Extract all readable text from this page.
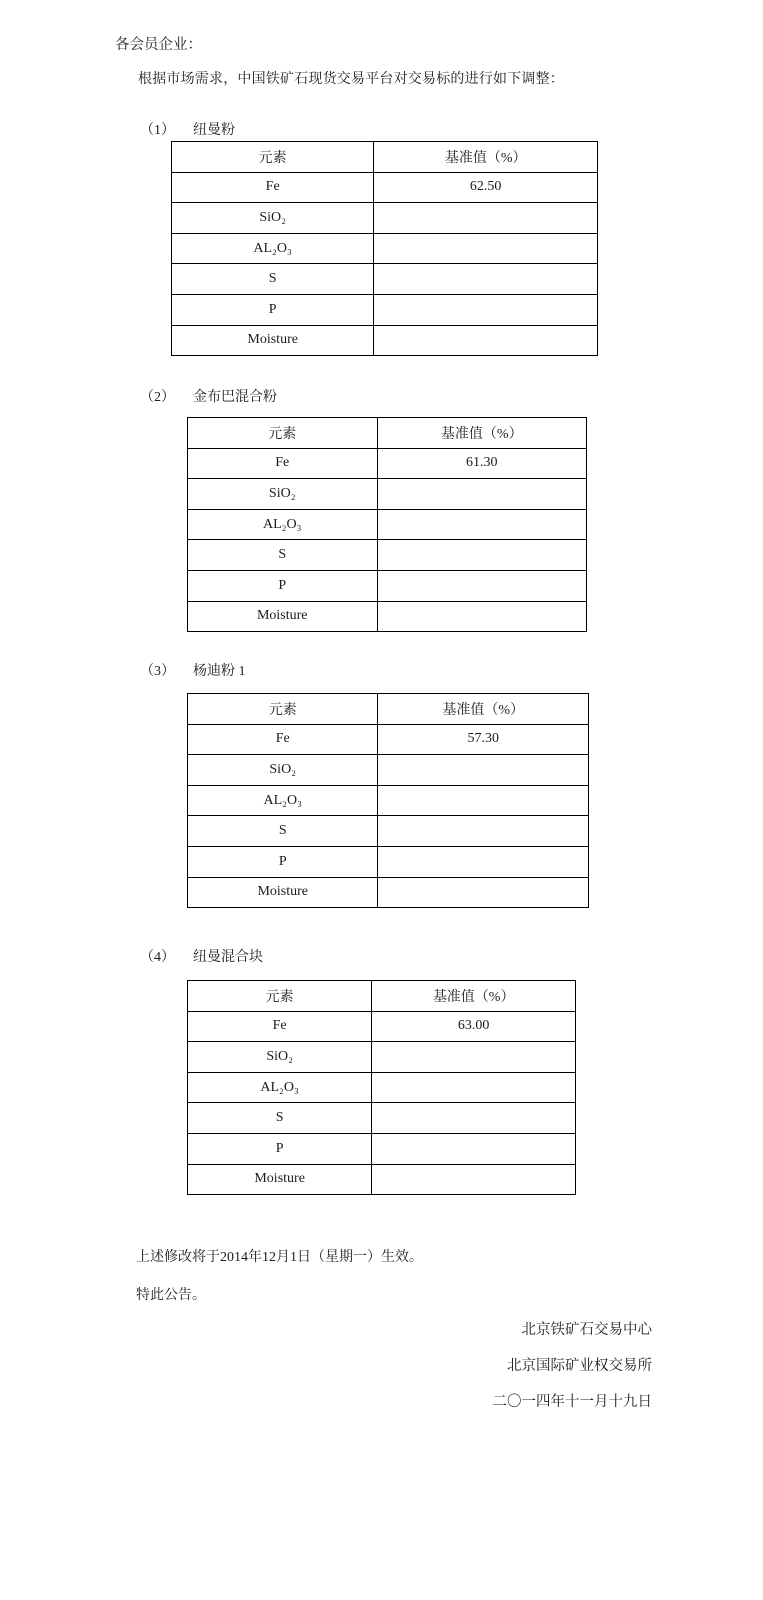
各会员企业：
根据市场需求，中国铁矿石现货交易平台对交易标的进行如下调整：
（1） 纽曼粉
元素	基准值（%）
Fe	62.50
SiO₂	
AL₂O₃	
S	
P	
Moisture	
（2） 金布巴混合粉
元素	基准值（%）
Fe	61.30
SiO₂	
AL₂O₃	
S	
P	
Moisture	
（3） 杨迪粉 1
元素	基准值（%）
Fe	57.30
SiO₂	
AL₂O₃	
S	
P	
Moisture	
（4） 纽曼混合块
元素	基准值（%）
Fe	63.00
SiO₂	
AL₂O₃	
S	
P	
Moisture	
上述修改将于2014年12月1日（星期一）生效。
特此公告。
北京铁矿石交易中心
北京国际矿业权交易所
二〇一四年十一月十九日
